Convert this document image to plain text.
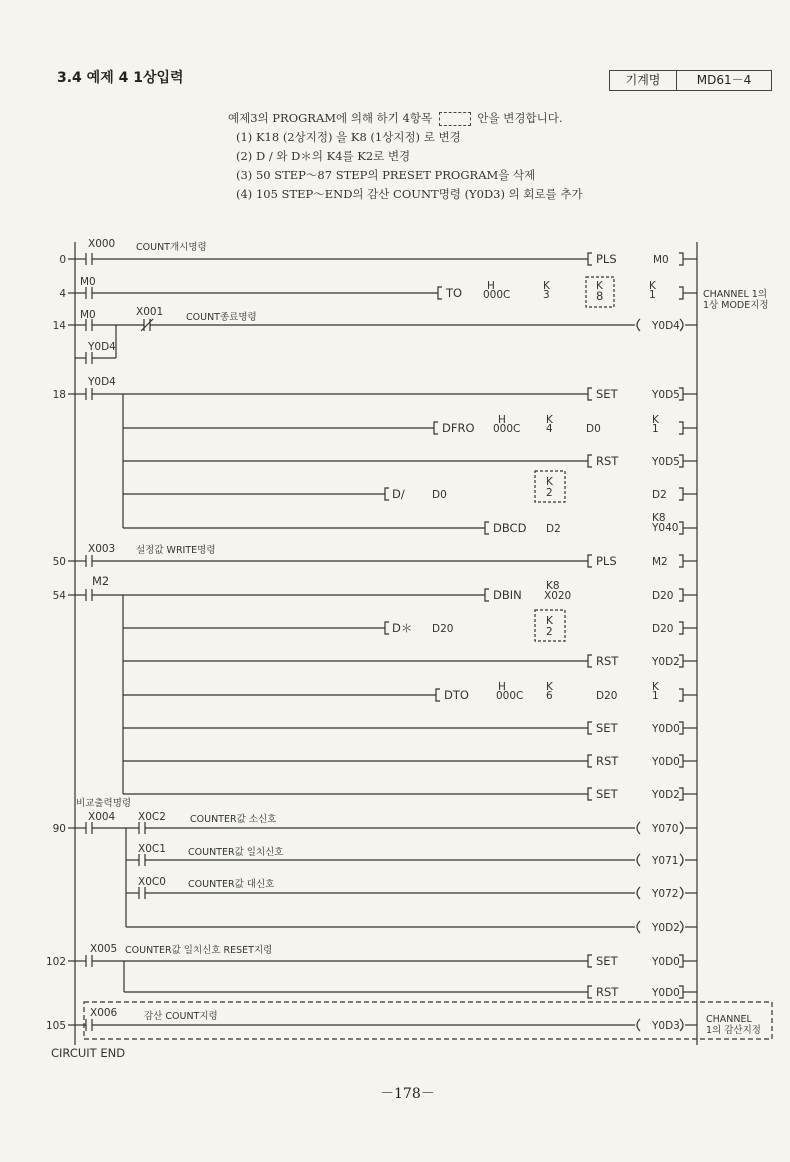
3.4 예제 4 1상입력	기계명	MD61－4
예제3의 PROGRAM에 의해 하기 4항목	안을 변경합니다.
(1) K18 (2상지정) 을 K8 (1상지정) 로 변경
(2) D / 와 D＊의 K4를 K2로 변경
(3) 50 STEP～87 STEP의 PRESET PROGRAM을 삭제
(4) 105 STEP～END의 감산 COUNT명령 (Y0D3) 의 회로를 추가
0
4
14
18
50
54
90
102
105
X000
M0
M0	X001
Y0D4
Y0D4
X003
M2
X004 X0C2
X0C1
X0C0
X005
X006
COUNT개시명령
COUNT종료명령
설정값 WRITE명령
비교출력명령
COUNTER값 소신호
COUNTER값 일치신호
COUNTER값 대신호
COUNTER값 일치신호 RESET지령
감산 COUNT지령
PLS
TO
SET
DFRO
RST
D∕
DBCD
PLS
DBIN
D＊
RST
DTO
SET
RST
SET
SET
RST
M0
H
000C
K
3
K
8
K
1
Y0D4
Y0D5
H
000C
K
4	D0
K
1
Y0D5
D0
K
2	D2
D2
K8
Y040
M2
K8
X020	D20
D20
K
2	D20
Y0D2
H
000C
K
6	D20
K
1
Y0D0
Y0D0
Y0D2
Y070
Y071
Y072
Y0D2
Y0D0
Y0D0
Y0D3
CHANNEL 1의
1상 MODE지정
CHANNEL
1의 감산지정
CIRCUIT END
－178－
